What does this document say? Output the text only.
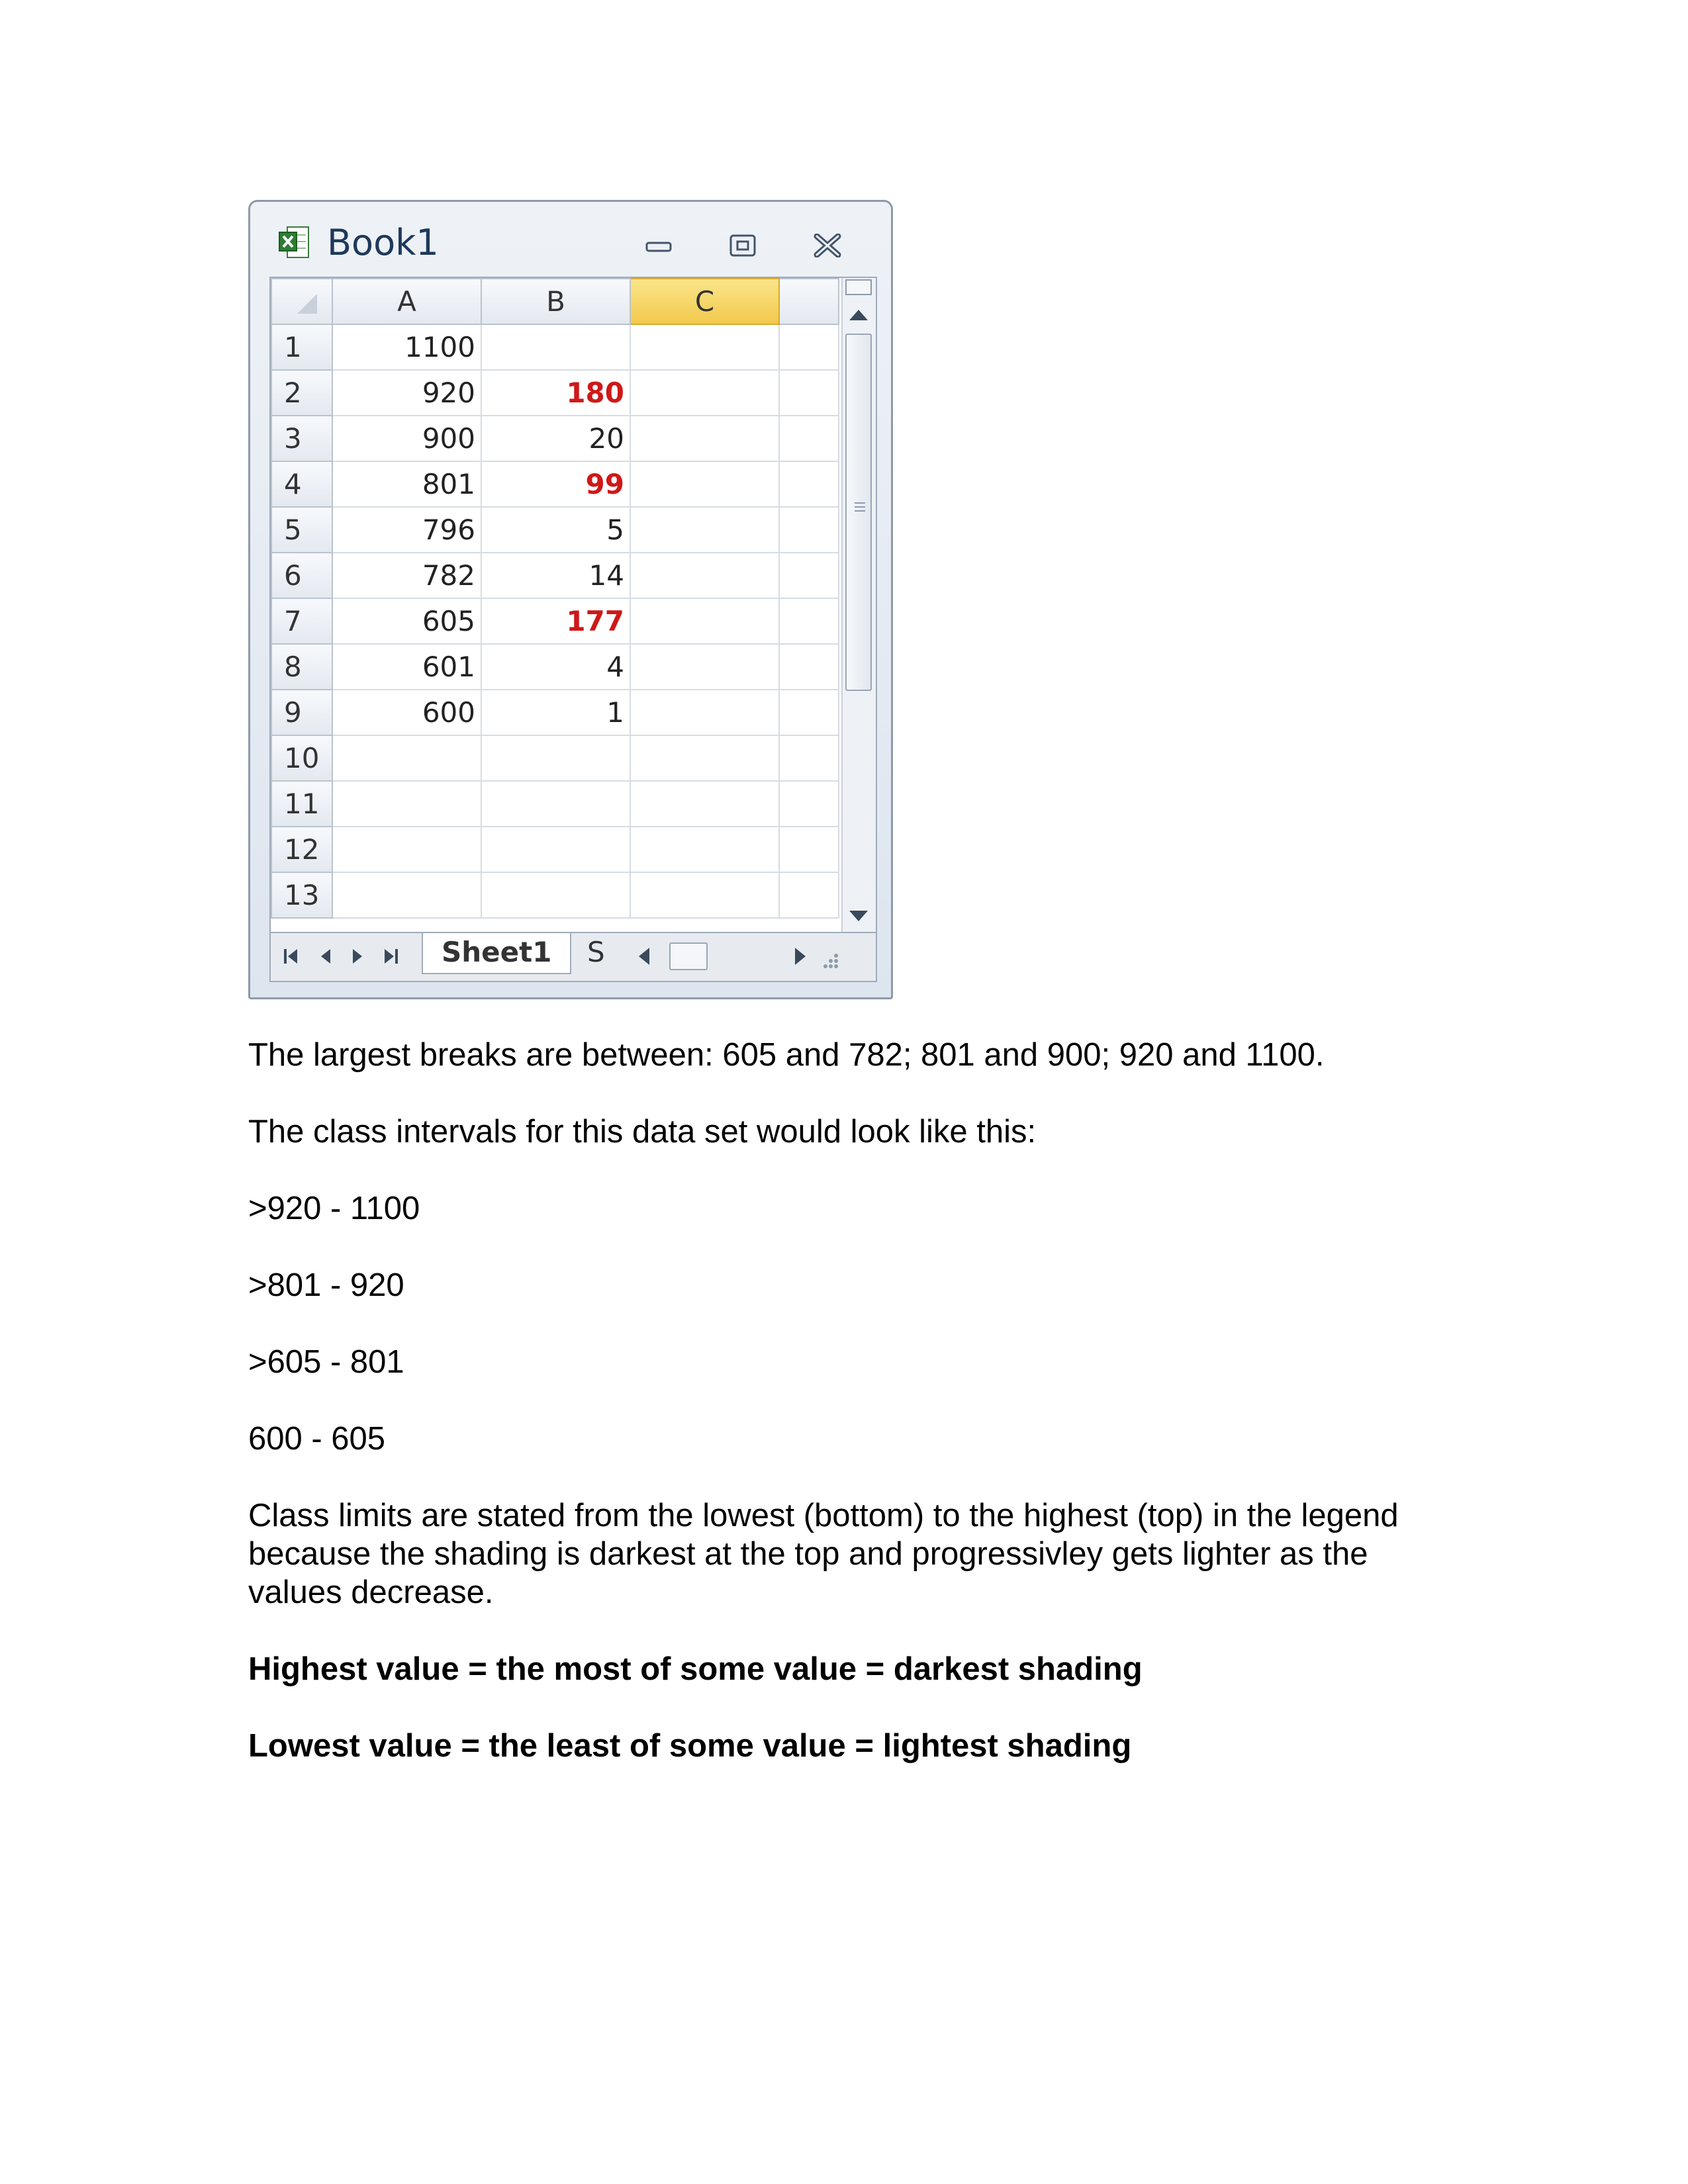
Book1
	A	B	C	
1	1100			
2	920	180		
3	900	20		
4	801	99		
5	796	5		
6	782	14		
7	605	177		
8	601	4		
9	600	1		
10				
11				
12				
13				
Sheet1	S

The largest breaks are between: 605 and 782; 801 and 900; 920 and 1100.

The class intervals for this data set would look like this:

>920 - 1100

>801 - 920

>605 - 801

600 - 605

Class limits are stated from the lowest (bottom) to the highest (top) in the legend because the shading is darkest at the top and progressivley gets lighter as the values decrease.

Highest value = the most of some value = darkest shading

Lowest value = the least of some value = lightest shading
